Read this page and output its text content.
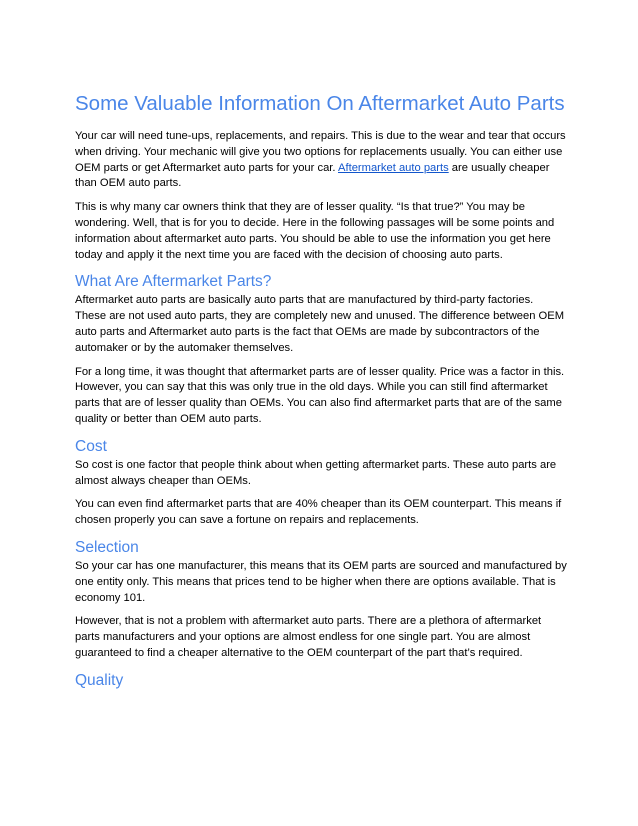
Some Valuable Information On Aftermarket Auto Parts

Your car will need tune-ups, replacements, and repairs. This is due to the wear and tear that occurs when driving. Your mechanic will give you two options for replacements usually. You can either use OEM parts or get Aftermarket auto parts for your car. Aftermarket auto parts are usually cheaper than OEM auto parts.

This is why many car owners think that they are of lesser quality. “Is that true?” You may be wondering. Well, that is for you to decide. Here in the following passages will be some points and information about aftermarket auto parts. You should be able to use the information you get here today and apply it the next time you are faced with the decision of choosing auto parts.

What Are Aftermarket Parts?

Aftermarket auto parts are basically auto parts that are manufactured by third-party factories. These are not used auto parts, they are completely new and unused. The difference between OEM auto parts and Aftermarket auto parts is the fact that OEMs are made by subcontractors of the automaker or by the automaker themselves.

For a long time, it was thought that aftermarket parts are of lesser quality. Price was a factor in this. However, you can say that this was only true in the old days. While you can still find aftermarket parts that are of lesser quality than OEMs. You can also find aftermarket parts that are of the same quality or better than OEM auto parts.

Cost

So cost is one factor that people think about when getting aftermarket parts. These auto parts are almost always cheaper than OEMs.

You can even find aftermarket parts that are 40% cheaper than its OEM counterpart. This means if chosen properly you can save a fortune on repairs and replacements.

Selection

So your car has one manufacturer, this means that its OEM parts are sourced and manufactured by one entity only. This means that prices tend to be higher when there are options available. That is economy 101.

However, that is not a problem with aftermarket auto parts. There are a plethora of aftermarket parts manufacturers and your options are almost endless for one single part. You are almost guaranteed to find a cheaper alternative to the OEM counterpart of the part that’s required.

Quality
